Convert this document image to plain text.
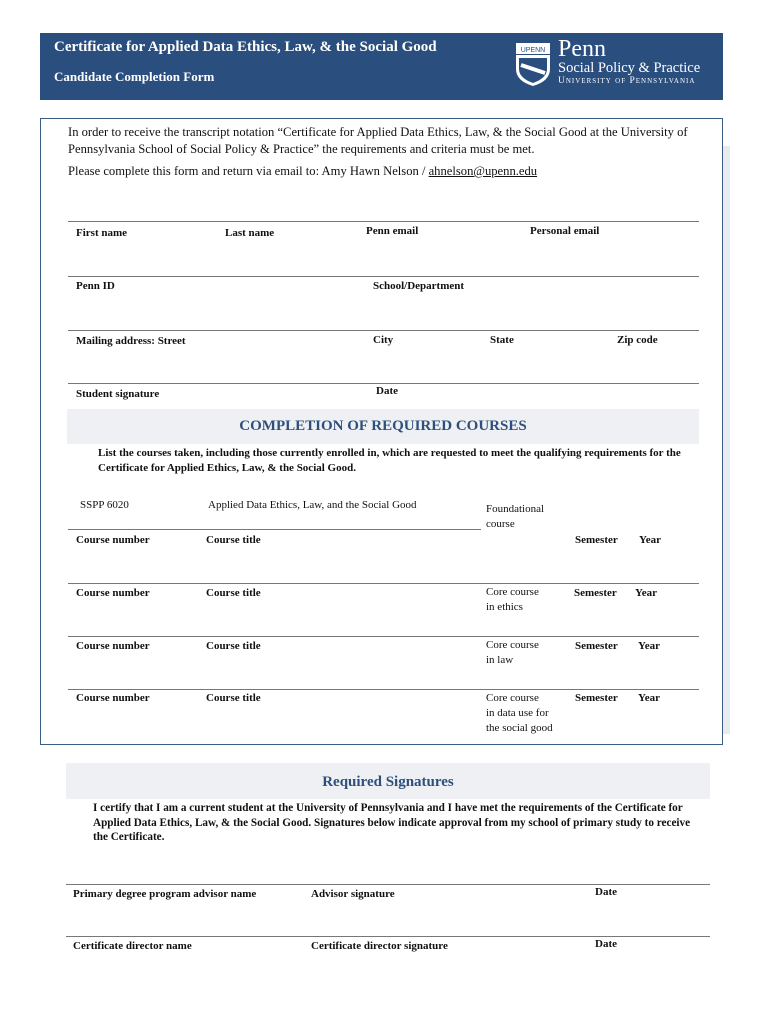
Certificate for Applied Data Ethics, Law, & the Social Good
Candidate Completion Form
UPENN Penn
Social Policy & Practice
University of Pennsylvania
In order to receive the transcript notation “Certificate for Applied Data Ethics, Law, & the Social Good at the University of Pennsylvania School of Social Policy & Practice” the requirements and criteria must be met.
Please complete this form and return via email to: Amy Hawn Nelson / ahnelson@upenn.edu
First name	Last name	Penn email	Personal email
Penn ID	School/Department
Mailing address: Street	City	State	Zip code
Student signature	Date
COMPLETION OF REQUIRED COURSES
List the courses taken, including those currently enrolled in, which are requested to meet the qualifying requirements for the Certificate for Applied Ethics, Law, & the Social Good.
SSPP 6020	Applied Data Ethics, Law, and the Social Good	Foundational course
Course number	Course title	Semester Year
Course number	Course title	Core course
in ethics
Semester Year
Course number	Course title	Core course
in law
Semester Year
Course number	Course title	Core course
in data use for
the social good
Semester Year
Required Signatures
I certify that I am a current student at the University of Pennsylvania and I have met the requirements of the Certificate for Applied Data Ethics, Law, & the Social Good. Signatures below indicate approval from my school of primary study to receive the Certificate.
Primary degree program advisor name	Advisor signature	Date
Certificate director name	Certificate director signature	Date
